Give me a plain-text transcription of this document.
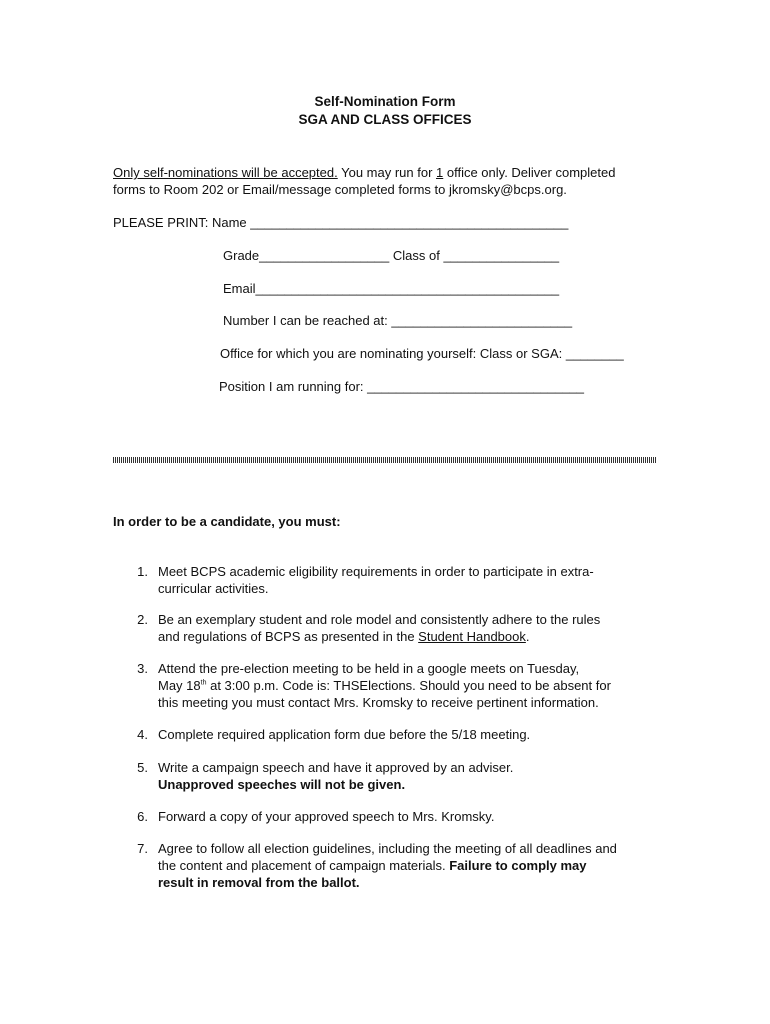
Self-Nomination Form
SGA AND CLASS OFFICES
Only self-nominations will be accepted. You may run for 1 office only. Deliver completed
forms to Room 202 or Email/message completed forms to jkromsky@bcps.org.
PLEASE PRINT: Name ____________________________________________
Grade__________________ Class of ________________
Email__________________________________________
Number I can be reached at: _________________________
Office for which you are nominating yourself: Class or SGA: ________
Position I am running for: ______________________________
In order to be a candidate, you must:
1. Meet BCPS academic eligibility requirements in order to participate in extra-
curricular activities.
2. Be an exemplary student and role model and consistently adhere to the rules
and regulations of BCPS as presented in the Student Handbook.
3. Attend the pre-election meeting to be held in a google meets on Tuesday,
May 18th at 3:00 p.m. Code is: THSElections. Should you need to be absent for
this meeting you must contact Mrs. Kromsky to receive pertinent information.
4. Complete required application form due before the 5/18 meeting.
5. Write a campaign speech and have it approved by an adviser.
Unapproved speeches will not be given.
6. Forward a copy of your approved speech to Mrs. Kromsky.
7. Agree to follow all election guidelines, including the meeting of all deadlines and
the content and placement of campaign materials. Failure to comply may
result in removal from the ballot.
